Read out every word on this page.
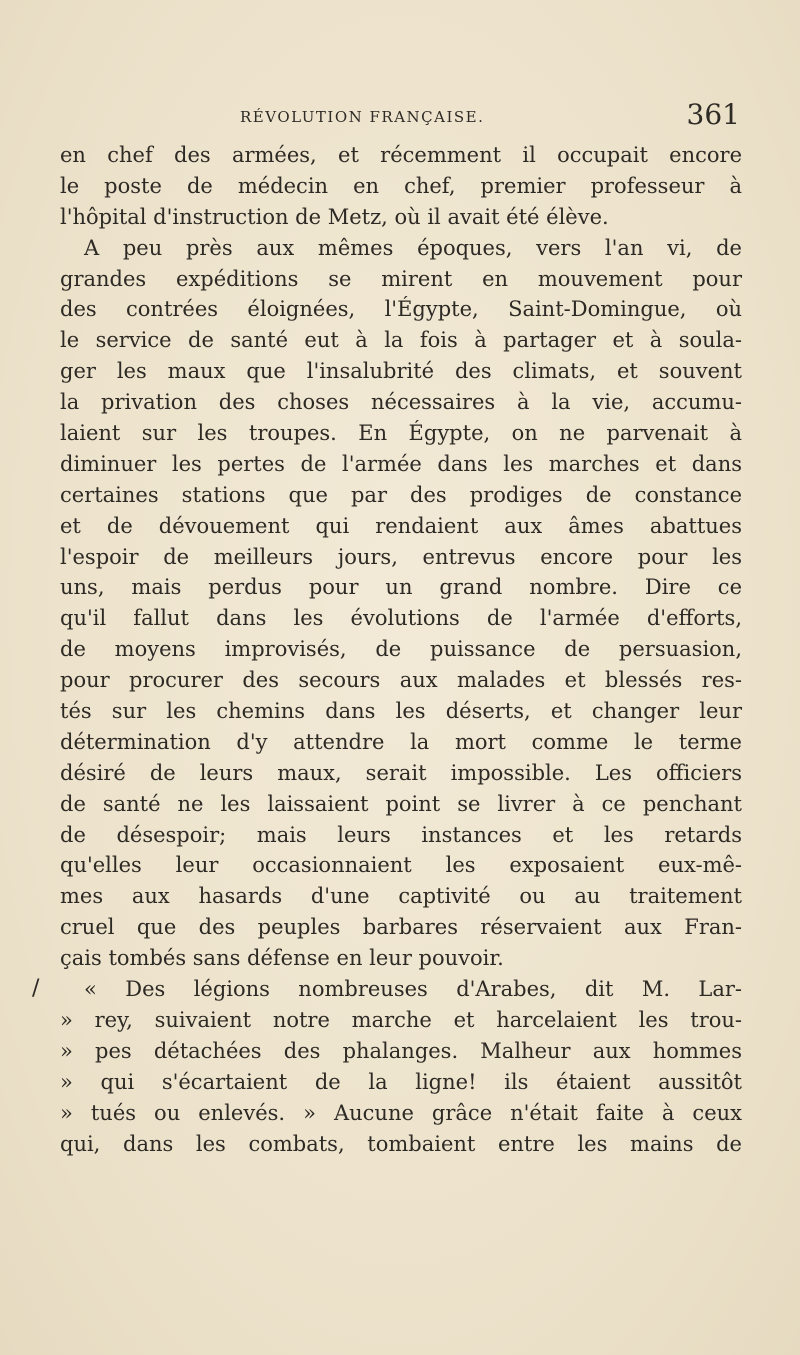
RÉVOLUTION FRANÇAISE.	361
en chef des armées, et récemment il occupait encore
le poste de médecin en chef, premier professeur à
l'hôpital d'instruction de Metz, où il avait été élève.
A peu près aux mêmes époques, vers l'an vi, de
grandes expéditions se mirent en mouvement pour
des contrées éloignées, l'Égypte, Saint-Domingue, où
le service de santé eut à la fois à partager et à soula-
ger les maux que l'insalubrité des climats, et souvent
la privation des choses nécessaires à la vie, accumu-
laient sur les troupes. En Égypte, on ne parvenait à
diminuer les pertes de l'armée dans les marches et dans
certaines stations que par des prodiges de constance
et de dévouement qui rendaient aux âmes abattues
l'espoir de meilleurs jours, entrevus encore pour les
uns, mais perdus pour un grand nombre. Dire ce
qu'il fallut dans les évolutions de l'armée d'efforts,
de moyens improvisés, de puissance de persuasion,
pour procurer des secours aux malades et blessés res-
tés sur les chemins dans les déserts, et changer leur
détermination d'y attendre la mort comme le terme
désiré de leurs maux, serait impossible. Les officiers
de santé ne les laissaient point se livrer à ce penchant
de désespoir; mais leurs instances et les retards
qu'elles leur occasionnaient les exposaient eux-mê-
mes aux hasards d'une captivité ou au traitement
cruel que des peuples barbares réservaient aux Fran-
çais tombés sans défense en leur pouvoir.
/ « Des légions nombreuses d'Arabes, dit M. Lar-
» rey, suivaient notre marche et harcelaient les trou-
» pes détachées des phalanges. Malheur aux hommes
» qui s'écartaient de la ligne! ils étaient aussitôt
» tués ou enlevés. » Aucune grâce n'était faite à ceux
qui, dans les combats, tombaient entre les mains de
